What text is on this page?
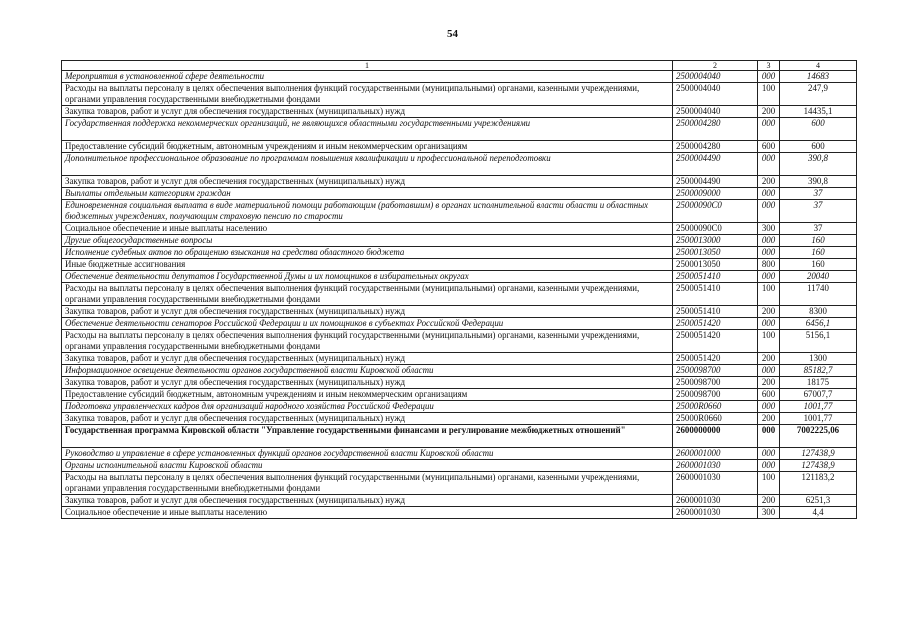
54
1	2	3	4
Мероприятия в установленной сфере деятельности	2500004040	000	14683
Расходы на выплаты персоналу в целях обеспечения выполнения функций государственными (муниципальными) органами, казенными учреждениями, органами управления государственными внебюджетными фондами	2500004040	100	247,9
Закупка товаров, работ и услуг для обеспечения государственных (муниципальных) нужд	2500004040	200	14435,1
Государственная поддержка некоммерческих организаций, не являющихся областными государственными учреждениями	2500004280	000	600
Предоставление субсидий бюджетным, автономным учреждениям и иным некоммерческим организациям	2500004280	600	600
Дополнительное профессиональное образование по программам повышения квалификации и профессиональной переподготовки	2500004490	000	390,8
Закупка товаров, работ и услуг для обеспечения государственных (муниципальных) нужд	2500004490	200	390,8
Выплаты отдельным категориям граждан	2500009000	000	37
Единовременная социальная выплата в виде материальной помощи работающим (работавшим) в органах исполнительной власти области и областных бюджетных учреждениях, получающим страховую пенсию по старости	25000090С0	000	37
Социальное обеспечение и иные выплаты населению	25000090С0	300	37
Другие общегосударственные вопросы	2500013000	000	160
Исполнение судебных актов по обращению взыскания на средства областного бюджета	2500013050	000	160
Иные бюджетные ассигнования	2500013050	800	160
Обеспечение деятельности депутатов Государственной Думы и их помощников в избирательных округах	2500051410	000	20040
Расходы на выплаты персоналу в целях обеспечения выполнения функций государственными (муниципальными) органами, казенными учреждениями, органами управления государственными внебюджетными фондами	2500051410	100	11740
Закупка товаров, работ и услуг для обеспечения государственных (муниципальных) нужд	2500051410	200	8300
Обеспечение деятельности сенаторов Российской Федерации и их помощников в субъектах Российской Федерации	2500051420	000	6456,1
Расходы на выплаты персоналу в целях обеспечения выполнения функций государственными (муниципальными) органами, казенными учреждениями, органами управления государственными внебюджетными фондами	2500051420	100	5156,1
Закупка товаров, работ и услуг для обеспечения государственных (муниципальных) нужд	2500051420	200	1300
Информационное освещение деятельности органов государственной власти Кировской области	2500098700	000	85182,7
Закупка товаров, работ и услуг для обеспечения государственных (муниципальных) нужд	2500098700	200	18175
Предоставление субсидий бюджетным, автономным учреждениям и иным некоммерческим организациям	2500098700	600	67007,7
Подготовка управленческих кадров для организаций народного хозяйства Российской Федерации	25000R0660	000	1001,77
Закупка товаров, работ и услуг для обеспечения государственных (муниципальных) нужд	25000R0660	200	1001,77
Государственная программа Кировской области "Управление государственными финансами и регулирование межбюджетных отношений"	2600000000	000	7002225,06
Руководство и управление в сфере установленных функций органов государственной власти Кировской области	2600001000	000	127438,9
Органы исполнительной власти Кировской области	2600001030	000	127438,9
Расходы на выплаты персоналу в целях обеспечения выполнения функций государственными (муниципальными) органами, казенными учреждениями, органами управления государственными внебюджетными фондами	2600001030	100	121183,2
Закупка товаров, работ и услуг для обеспечения государственных (муниципальных) нужд	2600001030	200	6251,3
Социальное обеспечение и иные выплаты населению	2600001030	300	4,4
